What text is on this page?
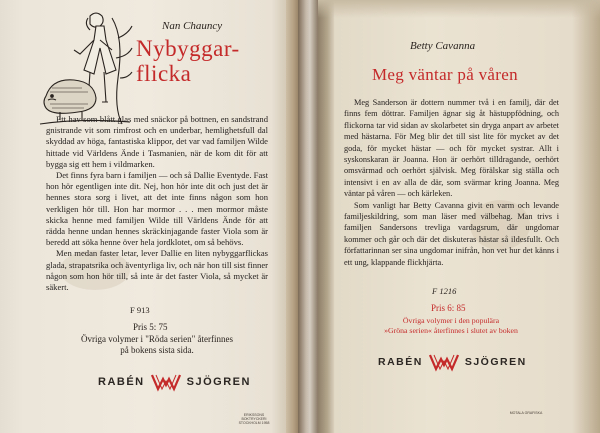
Nan Chauncy
Nybyggar-
flicka

Ett hav som blått glas med snäckor på bottnen, en sandstrand gnistrande vit som rimfrost och en underbar, hemlighetsfull dal skyddad av höga, fantastiska klippor, det var vad familjen Wilde hittade vid Världens Ände i Tasmanien, när de kom dit för att bygga sig ett hem i vildmarken.

Det finns fyra barn i familjen — och så Dallie Eventyde. Fast hon hör egentligen inte dit. Nej, hon hör inte dit och just det är hennes stora sorg i livet, att det inte finns någon som hon verkligen hör till. Hon har mormor . . . men mormor måste skicka henne med familjen Wilde till Världens Ände för att rädda henne undan hennes skräckinjagande faster Viola som är beredd att söka henne över hela jordklotet, om så behövs.

Men medan faster letar, lever Dallie en liten nybyggarflickas glada, strapatsrika och äventyrliga liv, och när hon till sist finner någon som hon hör till, så inte är det faster Viola, så mycket är säkert.

F 913
Pris 5: 75
Övriga volymer i "Röda serien" återfinnes
på bokens sista sida.
RABÉN	SJÖGREN
ERIKSSONS BOKTRYCKERI
STOCKHOLM 1958
Betty Cavanna
Meg väntar på våren

Meg Sanderson är dottern nummer två i en familj, där det finns fem döttrar. Familjen ägnar sig åt hästuppfödning, och flickorna tar vid sidan av skolarbetet sin dryga anpart av arbetet med hästarna. För Meg blir det till sist lite för mycket av det goda, för mycket hästar — och för mycket systrar. Allt i syskonskaran är Joanna. Hon är oerhört tilldragande, oerhört omsvärmad och oerhört självisk. Meg förälskar sig ställa och intensivt i en av alla de där, som svärmar kring Joanna. Meg väntar på våren — och kärleken.

Som vanligt har Betty Cavanna givit en varm och levande familjeskildring, som man läser med välbehag. Man trivs i familjen Sandersons trevliga vardagsrum, där ungdomar kommer och går och där det diskuteras hästar så ildesfullt. Och författarinnan ser sina ungdomar inifrån, hon vet hur det känns i ett ung, klappande flickhjärta.

F 1216
Pris 6: 85
Övriga volymer i den populära
»Gröna serien« återfinnes i slutet av boken
RABÉN	SJÖGREN
MOTALA GRAFISKA
